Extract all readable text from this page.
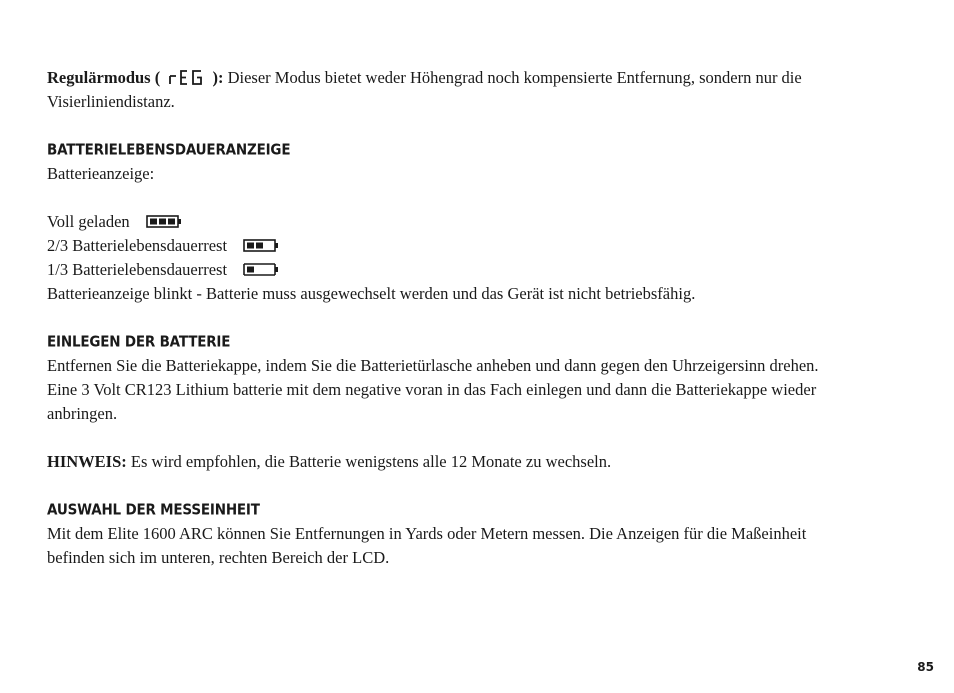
Regulärmodus (	): Dieser Modus bietet weder Höhengrad noch kompensierte Entfernung, sondern nur die
Visierliniendistanz.

BATTERIELEBENSDAUERANZEIGE

Batterieanzeige:

Voll geladen

2/3 Batterielebensdauerrest

1/3 Batterielebensdauerrest

Batterieanzeige blinkt - Batterie muss ausgewechselt werden und das Gerät ist nicht betriebsfähig.

EINLEGEN DER BATTERIE

Entfernen Sie die Batteriekappe, indem Sie die Batterietürlasche anheben und dann gegen den Uhrzeigersinn drehen.

Eine 3 Volt CR123 Lithium batterie mit dem negative voran in das Fach einlegen und dann die Batteriekappe wieder

anbringen.

HINWEIS: Es wird empfohlen, die Batterie wenigstens alle 12 Monate zu wechseln.

AUSWAHL DER MESSEINHEIT

Mit dem Elite 1600 ARC können Sie Entfernungen in Yards oder Metern messen. Die Anzeigen für die Maßeinheit

befinden sich im unteren, rechten Bereich der LCD.

85
